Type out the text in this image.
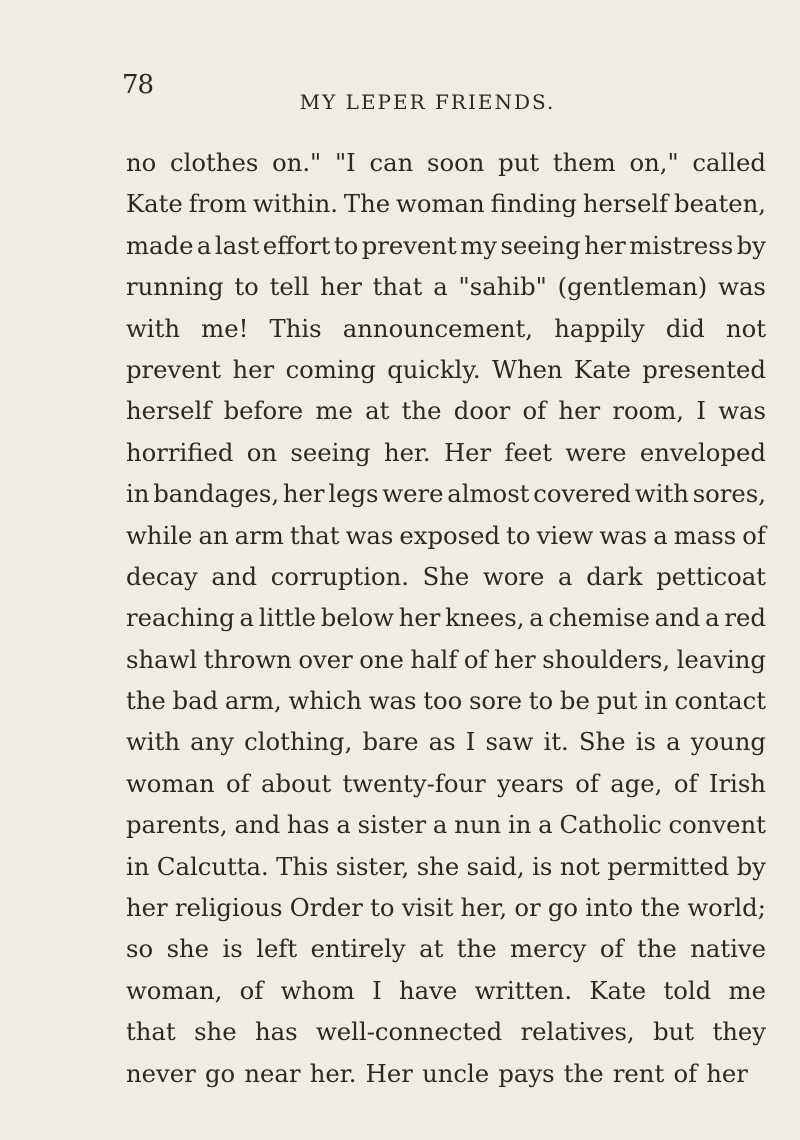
78
MY LEPER FRIENDS.
no clothes on." "I can soon put them on," called
Kate from within. The woman finding herself beaten,
made a last effort to prevent my seeing her mistress by
running to tell her that a "sahib" (gentleman) was
with me! This announcement, happily did not
prevent her coming quickly. When Kate presented
herself before me at the door of her room, I was
horrified on seeing her. Her feet were enveloped
in bandages, her legs were almost covered with sores,
while an arm that was exposed to view was a mass of
decay and corruption. She wore a dark petticoat
reaching a little below her knees, a chemise and a red
shawl thrown over one half of her shoulders, leaving
the bad arm, which was too sore to be put in contact
with any clothing, bare as I saw it. She is a young
woman of about twenty-four years of age, of Irish
parents, and has a sister a nun in a Catholic convent
in Calcutta. This sister, she said, is not permitted by
her religious Order to visit her, or go into the world;
so she is left entirely at the mercy of the native
woman, of whom I have written. Kate told me
that she has well-connected relatives, but they
never go near her. Her uncle pays the rent of her
